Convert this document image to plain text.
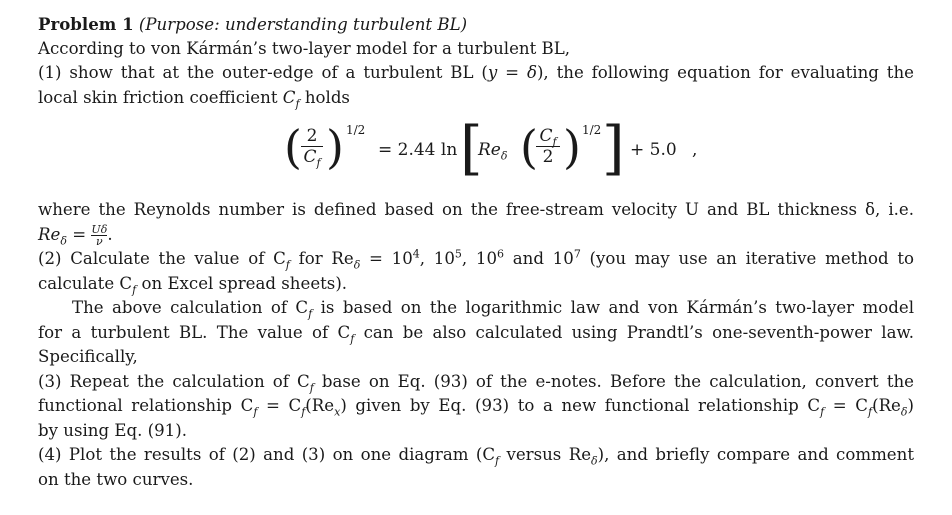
Problem 1 (Purpose: understanding turbulent BL)
According to von Kármán’s two-layer model for a turbulent BL,
(1) show that at the outer-edge of a turbulent BL (y = δ), the following equation for evaluating the
local skin friction coefficient $C_f$ holds
( 2
$C_f$ ) 1/2
= 2.44 ln [
$Re_\delta$ ( $C_f$
2 ) 1/2 ] + 5.0 ,
where the Reynolds number is defined based on the free-stream velocity U and BL thickness δ, i.e.
$Re_\delta = \frac{U\delta}{\nu}$ .
(2) Calculate the value of $C_f$ for $Re_\delta = 10^4$, $10^5$, $10^6$ and $10^7$ (you may use an iterative method to
calculate $C_f$ on Excel spread sheets).
The above calculation of $C_f$ is based on the logarithmic law and von Kármán’s two-layer model
for a turbulent BL. The value of $C_f$ can be also calculated using Prandtl’s one-seventh-power law.
Specifically,
(3) Repeat the calculation of $C_f$ base on Eq. (93) of the e-notes. Before the calculation, convert the
functional relationship $C_f = C_f(Re_x)$ given by Eq. (93) to a new functional relationship $C_f = C_f(Re_\delta)$
by using Eq. (91).
(4) Plot the results of (2) and (3) on one diagram ($C_f$ versus $Re_\delta$), and briefly compare and comment
on the two curves.
